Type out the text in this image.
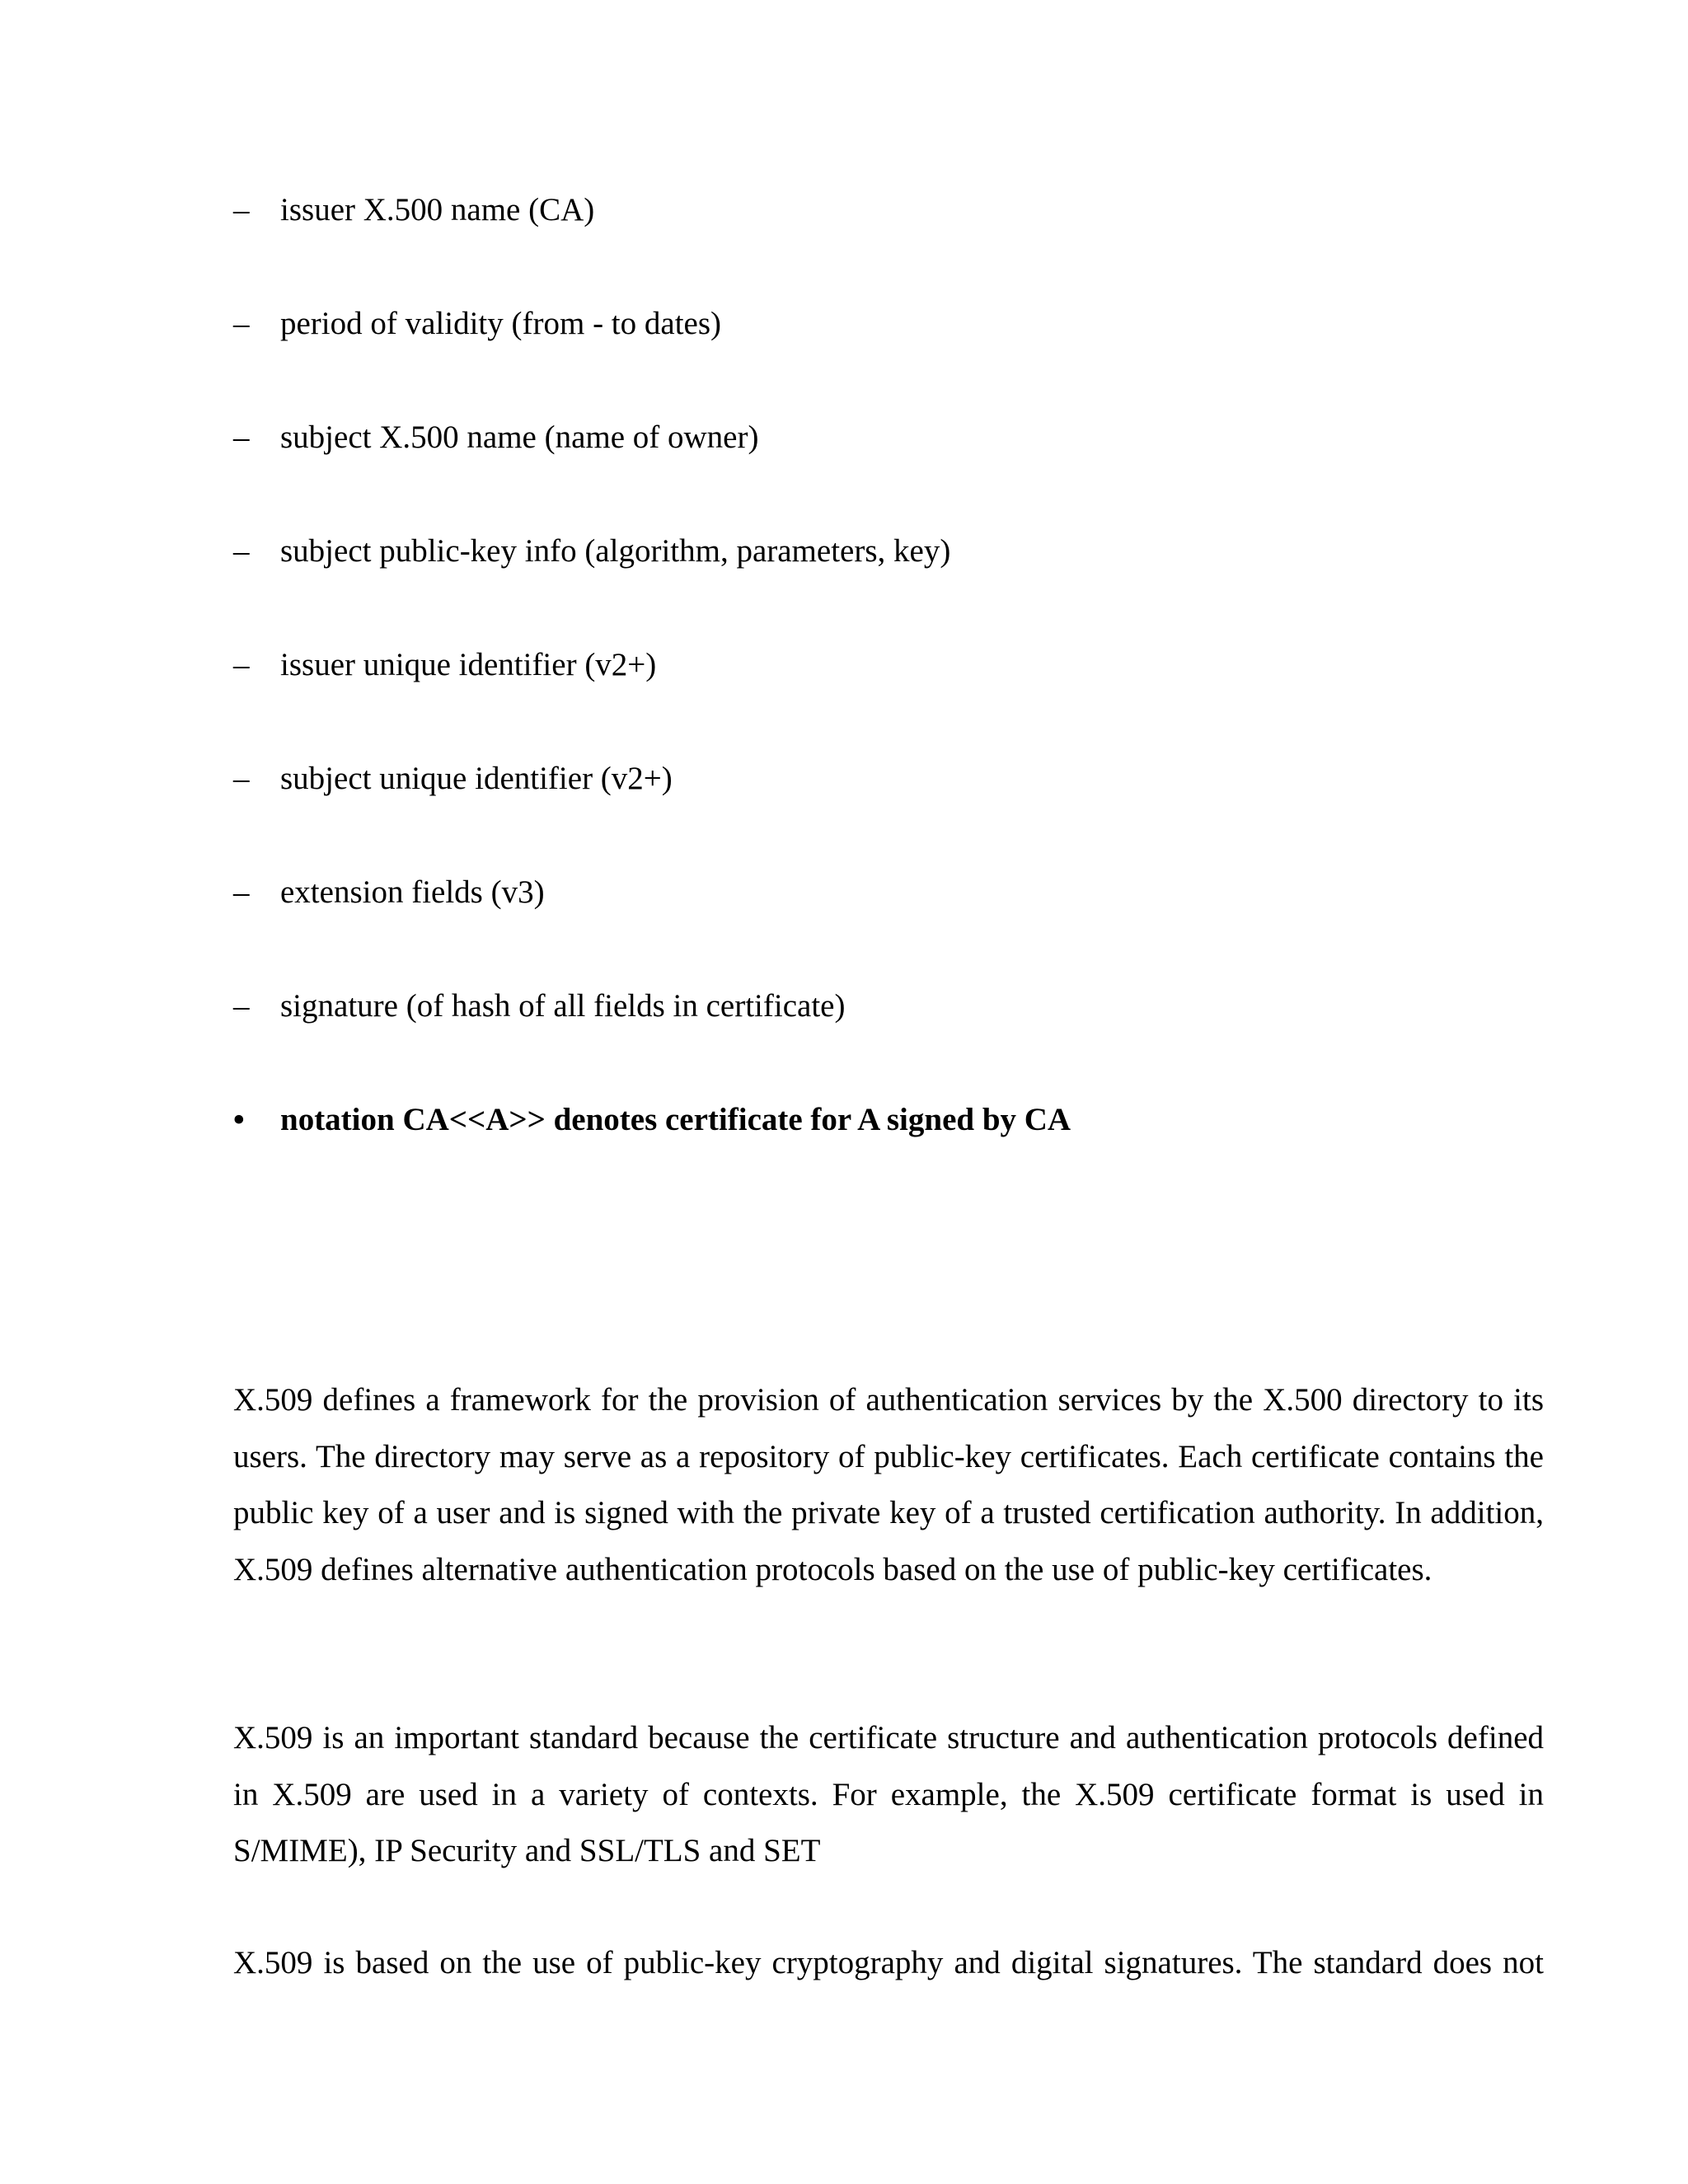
– issuer X.500 name (CA)
– period of validity (from - to dates)
– subject X.500 name (name of owner)
– subject public-key info (algorithm, parameters, key)
– issuer unique identifier (v2+)
– subject unique identifier (v2+)
– extension fields (v3)
– signature (of hash of all fields in certificate)
• notation CA<<A>> denotes certificate for A signed by CA

X.509 defines a framework for the provision of authentication services by the X.500 directory to its users. The directory may serve as a repository of public-key certificates. Each certificate contains the public key of a user and is signed with the private key of a trusted certification authority. In addition, X.509 defines alternative authentication protocols based on the use of public-key certificates.

X.509 is an important standard because the certificate structure and authentication protocols defined in X.509 are used in a variety of contexts. For example, the X.509 certificate format is used in S/MIME), IP Security and SSL/TLS and SET

X.509 is based on the use of public-key cryptography and digital signatures. The standard does not
